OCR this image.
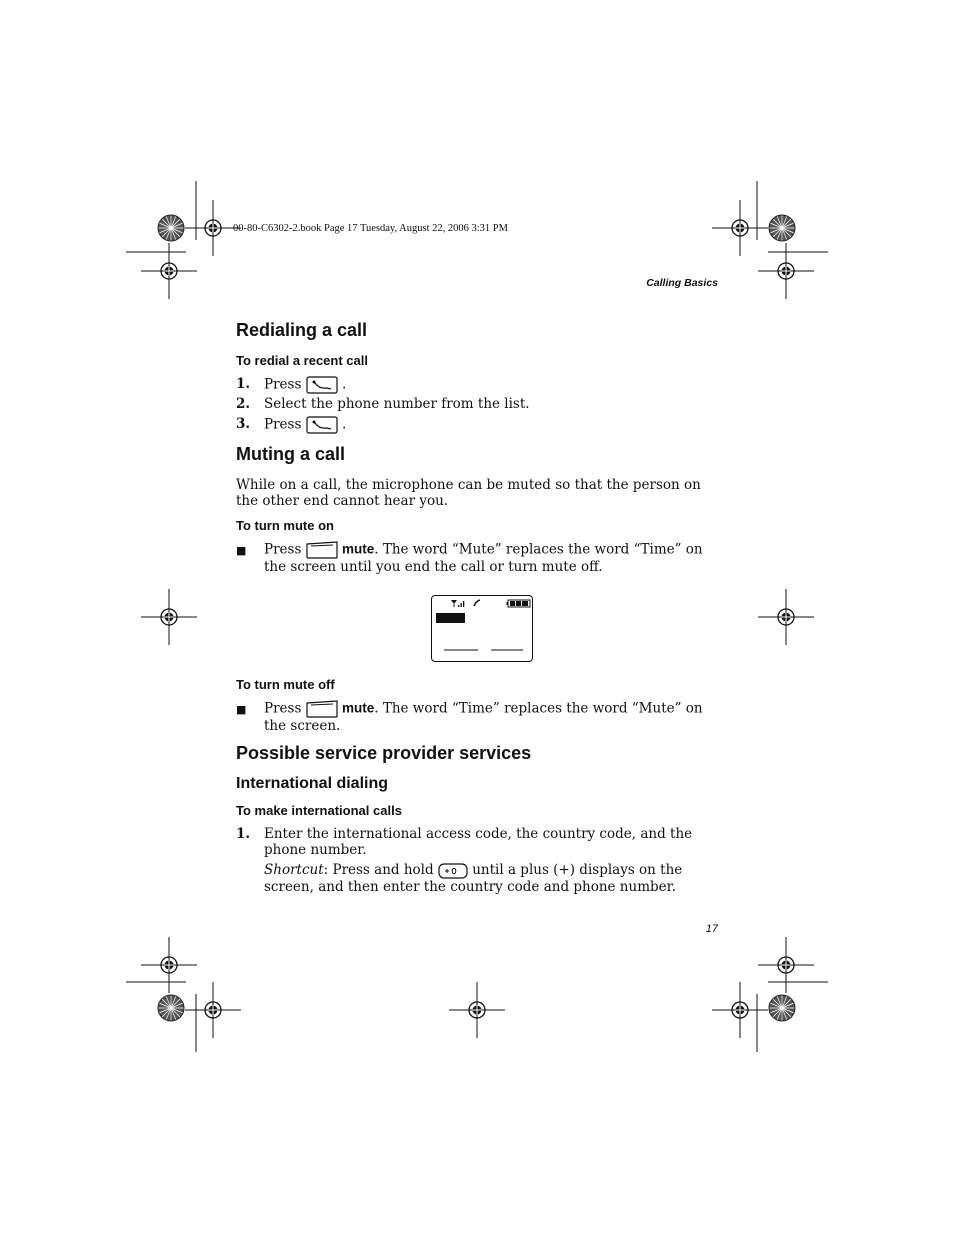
00-80-C6302-2.book Page 17 Tuesday, August 22, 2006 3:31 PM
Calling Basics
Redialing a call
To redial a recent call
1. Press	.
2. Select the phone number from the list.
3. Press	.
Muting a call
While on a call, the microphone can be muted so that the person on the other end cannot hear you.
To turn mute on
■ Press	mute. The word “Mute” replaces the word “Time” on the screen until you end the call or turn mute off.
To turn mute off
■ Press	mute. The word “Time” replaces the word “Mute” on the screen.
Possible service provider services
International dialing
To make international calls
1. Enter the international access code, the country code, and the phone number.
Shortcut: Press and hold	until a plus (+) displays on the screen, and then enter the country code and phone number.
17
